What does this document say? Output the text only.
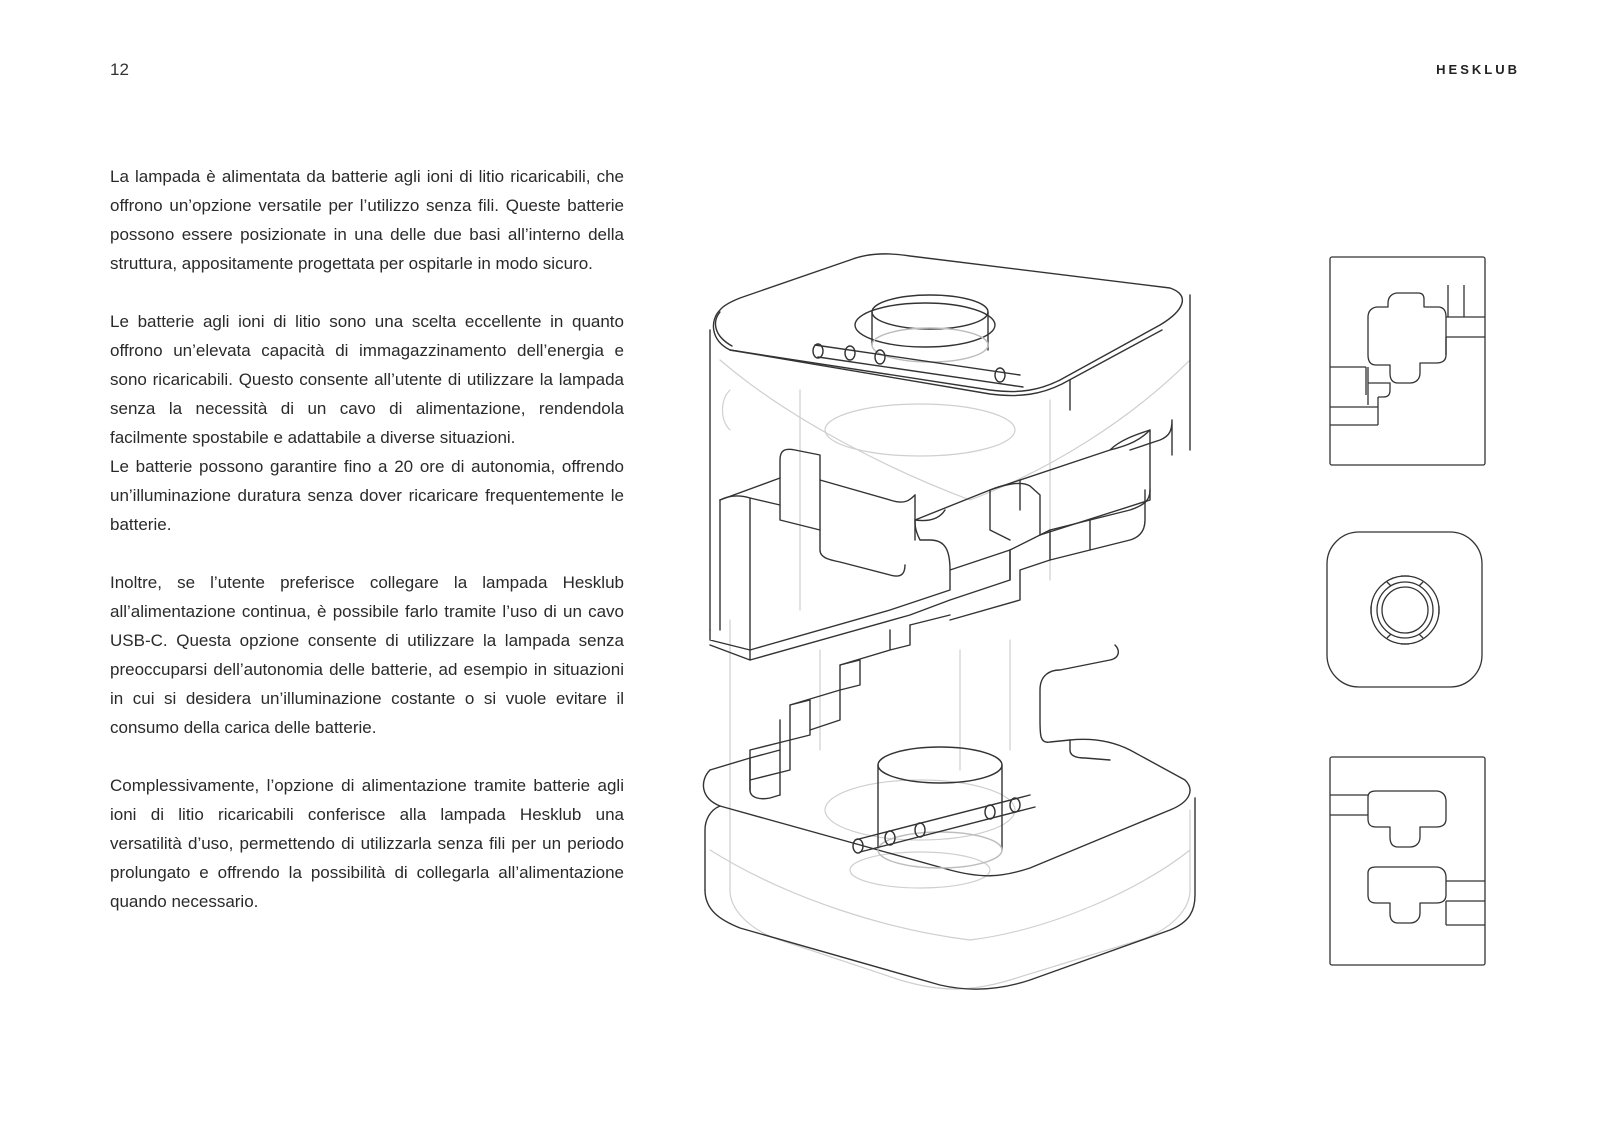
12	HESKLUB

La lampada è alimentata da batterie agli ioni di litio ricaricabili, che offrono un’opzione versatile per l’utilizzo senza fili. Queste batterie possono essere posizionate in una delle due basi all’interno della struttura, appositamente progettata per ospitarle in modo sicuro.

Le batterie agli ioni di litio sono una scelta eccellente in quanto offrono un’elevata capacità di immagazzinamento dell’energia e sono ricaricabili. Questo consente all’utente di utilizzare la lampada senza la necessità di un cavo di alimentazione, rendendola facilmente spostabile e adattabile a diverse situazioni.

Le batterie possono garantire fino a 20 ore di autonomia, offrendo un’illuminazione duratura senza dover ricaricare frequentemente le batterie.

Inoltre, se l’utente preferisce collegare la lampada Hesklub all’alimentazione continua, è possibile farlo tramite l’uso di un cavo USB-C. Questa opzione consente di utilizzare la lampada senza preoccuparsi dell’autonomia delle batterie, ad esempio in situazioni in cui si desidera un’illuminazione costante o si vuole evitare il consumo della carica delle batterie.

Complessivamente, l’opzione di alimentazione tramite batterie agli ioni di litio ricaricabili conferisce alla lampada Hesklub una versatilità d’uso, permettendo di utilizzarla senza fili per un periodo prolungato e offrendo la possibilità di collegarla all’alimentazione quando necessario.
